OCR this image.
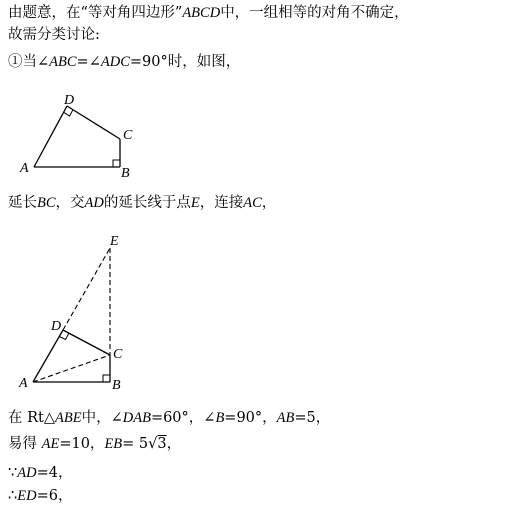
由题意，在“等对角四边形”ABCD中，一组相等的对角不确定，
故需分类讨论:
①当∠ABC=∠ADC=90°时，如图，
A	B
C
D
延长BC，交AD的延长线于点E，连接AC，
A	B
C
D
E
在 Rt△ABE中，∠DAB=60°，∠B=90°，AB=5，
易得 AE=10，EB= 5√3，
∵AD=4，
∴ED=6，
